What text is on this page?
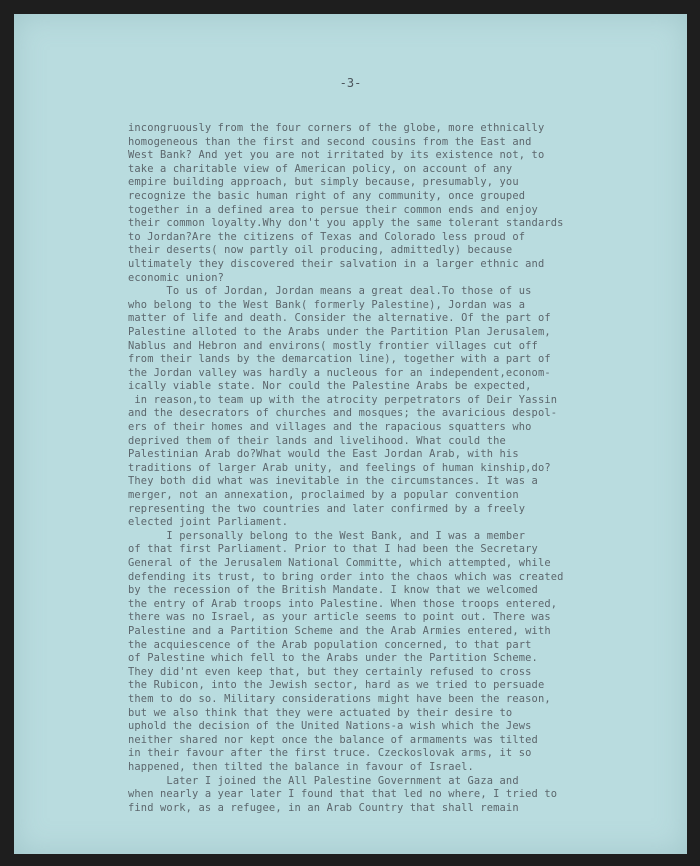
-3-
incongruously from the four corners of the globe, more ethnically
homogeneous than the first and second cousins from the East and
West Bank? And yet you are not irritated by its existence not, to
take a charitable view of American policy, on account of any
empire building approach, but simply because, presumably, you
recognize the basic human right of any community, once grouped
together in a defined area to persue their common ends and enjoy
their common loyalty.Why don't you apply the same tolerant standards
to Jordan?Are the citizens of Texas and Colorado less proud of
their deserts( now partly oil producing, admittedly) because
ultimately they discovered their salvation in a larger ethnic and
economic union?
To us of Jordan, Jordan means a great deal.To those of us
who belong to the West Bank( formerly Palestine), Jordan was a
matter of life and death. Consider the alternative. Of the part of
Palestine alloted to the Arabs under the Partition Plan Jerusalem,
Nablus and Hebron and environs( mostly frontier villages cut off
from their lands by the demarcation line), together with a part of
the Jordan valley was hardly a nucleous for an independent,econom-
ically viable state. Nor could the Palestine Arabs be expected,
in reason,to team up with the atrocity perpetrators of Deir Yassin
and the desecrators of churches and mosques; the avaricious despol-
ers of their homes and villages and the rapacious squatters who
deprived them of their lands and livelihood. What could the
Palestinian Arab do?What would the East Jordan Arab, with his
traditions of larger Arab unity, and feelings of human kinship,do?
They both did what was inevitable in the circumstances. It was a
merger, not an annexation, proclaimed by a popular convention
representing the two countries and later confirmed by a freely
elected joint Parliament.
I personally belong to the West Bank, and I was a member
of that first Parliament. Prior to that I had been the Secretary
General of the Jerusalem National Committe, which attempted, while
defending its trust, to bring order into the chaos which was created
by the recession of the British Mandate. I know that we welcomed
the entry of Arab troops into Palestine. When those troops entered,
there was no Israel, as your article seems to point out. There was
Palestine and a Partition Scheme and the Arab Armies entered, with
the acquiescence of the Arab population concerned, to that part
of Palestine which fell to the Arabs under the Partition Scheme.
They did'nt even keep that, but they certainly refused to cross
the Rubicon, into the Jewish sector, hard as we tried to persuade
them to do so. Military considerations might have been the reason,
but we also think that they were actuated by their desire to
uphold the decision of the United Nations-a wish which the Jews
neither shared nor kept once the balance of armaments was tilted
in their favour after the first truce. Czeckoslovak arms, it so
happened, then tilted the balance in favour of Israel.
Later I joined the All Palestine Government at Gaza and
when nearly a year later I found that that led no where, I tried to
find work, as a refugee, in an Arab Country that shall remain
